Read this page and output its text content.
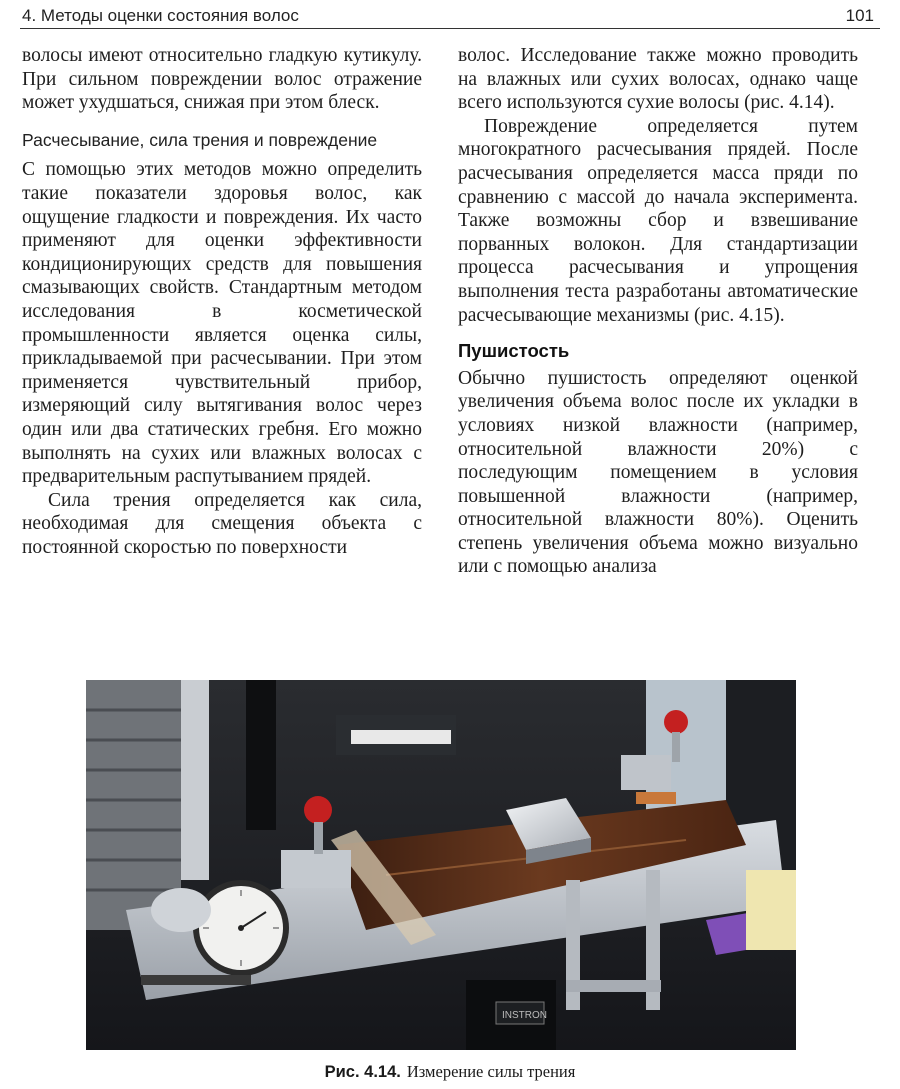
4. Методы оценки состояния волос	101

волосы имеют относительно гладкую кутикулу. При сильном повреждении волос отражение может ухудшаться, снижая при этом блеск.

Расчесывание, сила трения и повреждение

С помощью этих методов можно определить такие показатели здоровья волос, как ощущение гладкости и повреждения. Их часто применяют для оценки эффективности кондиционирующих средств для повышения смазывающих свойств. Стандартным методом исследования в косметической промышленности является оценка силы, прикладываемой при расчесывании. При этом применяется чувствительный прибор, измеряющий силу вытягивания волос через один или два статических гребня. Его можно выполнять на сухих или влажных волосах с предварительным распутыванием прядей.

Сила трения определяется как сила, необходимая для смещения объекта с постоянной скоростью по поверхности

волос. Исследование также можно проводить на влажных или сухих волосах, однако чаще всего используются сухие волосы (рис. 4.14).

Повреждение определяется путем многократного расчесывания прядей. После расчесывания определяется масса пряди по сравнению с массой до начала эксперимента. Также возможны сбор и взвешивание порванных волокон. Для стандартизации процесса расчесывания и упрощения выполнения теста разработаны автоматические расчесывающие механизмы (рис. 4.15).

Пушистость

Обычно пушистость определяют оценкой увеличения объема волос после их укладки в условиях низкой влажности (например, относительной влажности 20%) с последующим помещением в условия повышенной влажности (например, относительной влажности 80%). Оценить степень увеличения объема можно визуально или с помощью анализа

INSTRON
Рис. 4.14. Измерение силы трения
